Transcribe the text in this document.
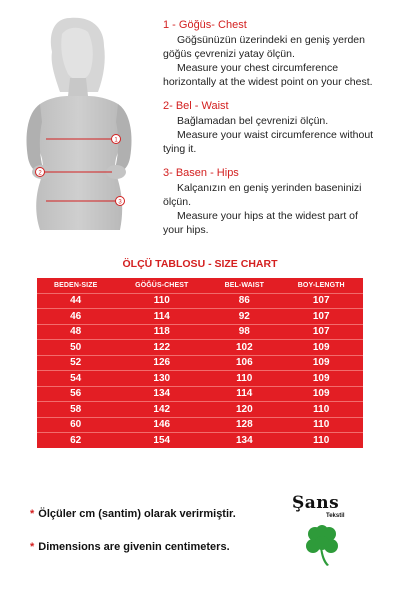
1
2
3
1 - Göğüs- Chest
Göğsünüzün üzerindeki en geniş yerden
göğüs çevrenizi yatay ölçün.
Measure your chest circumference
horizontally at the widest point on your chest.
2- Bel - Waist
Bağlamadan bel çevrenizi ölçün.
Measure your waist circumference without
tying it.
3- Basen - Hips
Kalçanızın en geniş yerinden baseninizi
ölçün.
Measure your hips at the widest part of
your hips.
ÖLÇÜ TABLOSU - SIZE CHART
BEDEN-SIZE	GÖĞÜS-CHEST	BEL-WAIST	BOY-LENGTH
44	110	86	107
46	114	92	107
48	118	98	107
50	122	102	109
52	126	106	109
54	130	110	109
56	134	114	109
58	142	120	110
60	146	128	110
62	154	134	110
* Ölçüler cm (santim) olarak verirmiştir.
* Dimensions are givenin centimeters.
Şans
Tekstil
